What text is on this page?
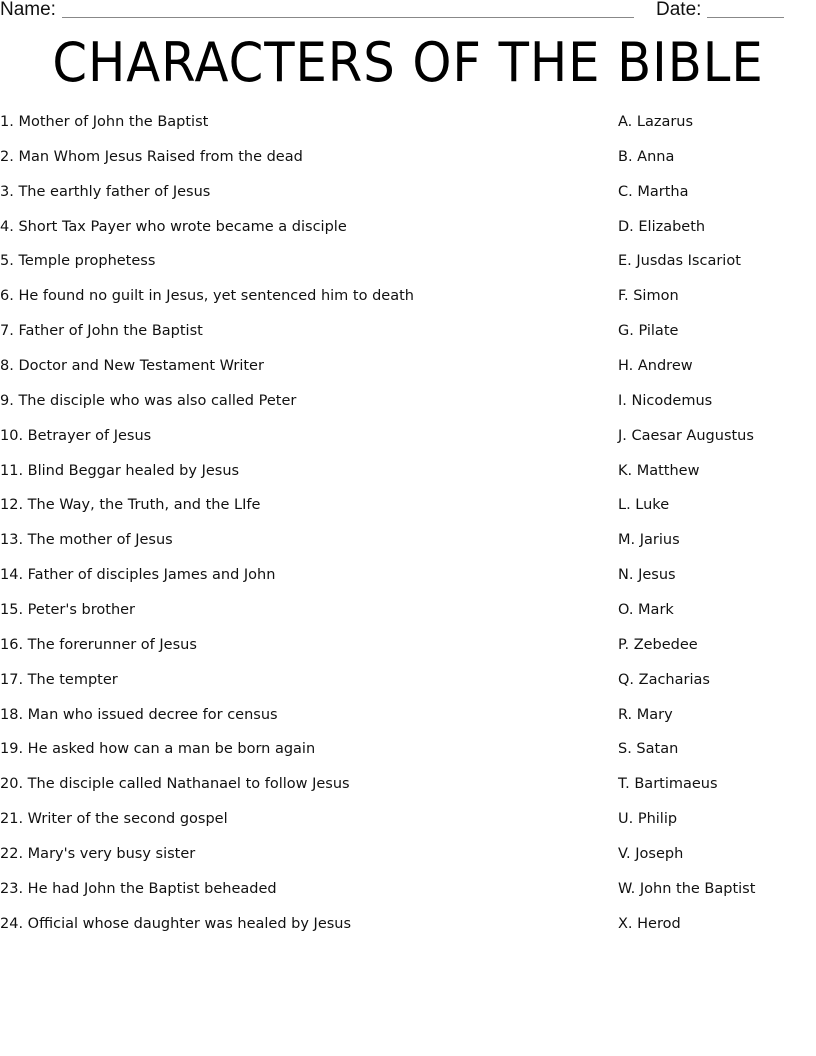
Name:	Date:
CHARACTERS OF THE BIBLE
1. Mother of John the Baptist
2. Man Whom Jesus Raised from the dead
3. The earthly father of Jesus
4. Short Tax Payer who wrote became a disciple
5. Temple prophetess
6. He found no guilt in Jesus, yet sentenced him to death
7. Father of John the Baptist
8. Doctor and New Testament Writer
9. The disciple who was also called Peter
10. Betrayer of Jesus
11. Blind Beggar healed by Jesus
12. The Way, the Truth, and the LIfe
13. The mother of Jesus
14. Father of disciples James and John
15. Peter's brother
16. The forerunner of Jesus
17. The tempter
18. Man who issued decree for census
19. He asked how can a man be born again
20. The disciple called Nathanael to follow Jesus
21. Writer of the second gospel
22. Mary's very busy sister
23. He had John the Baptist beheaded
24. Official whose daughter was healed by Jesus
A. Lazarus
B. Anna
C. Martha
D. Elizabeth
E. Jusdas Iscariot
F. Simon
G. Pilate
H. Andrew
I. Nicodemus
J. Caesar Augustus
K. Matthew
L. Luke
M. Jarius
N. Jesus
O. Mark
P. Zebedee
Q. Zacharias
R. Mary
S. Satan
T. Bartimaeus
U. Philip
V. Joseph
W. John the Baptist
X. Herod
